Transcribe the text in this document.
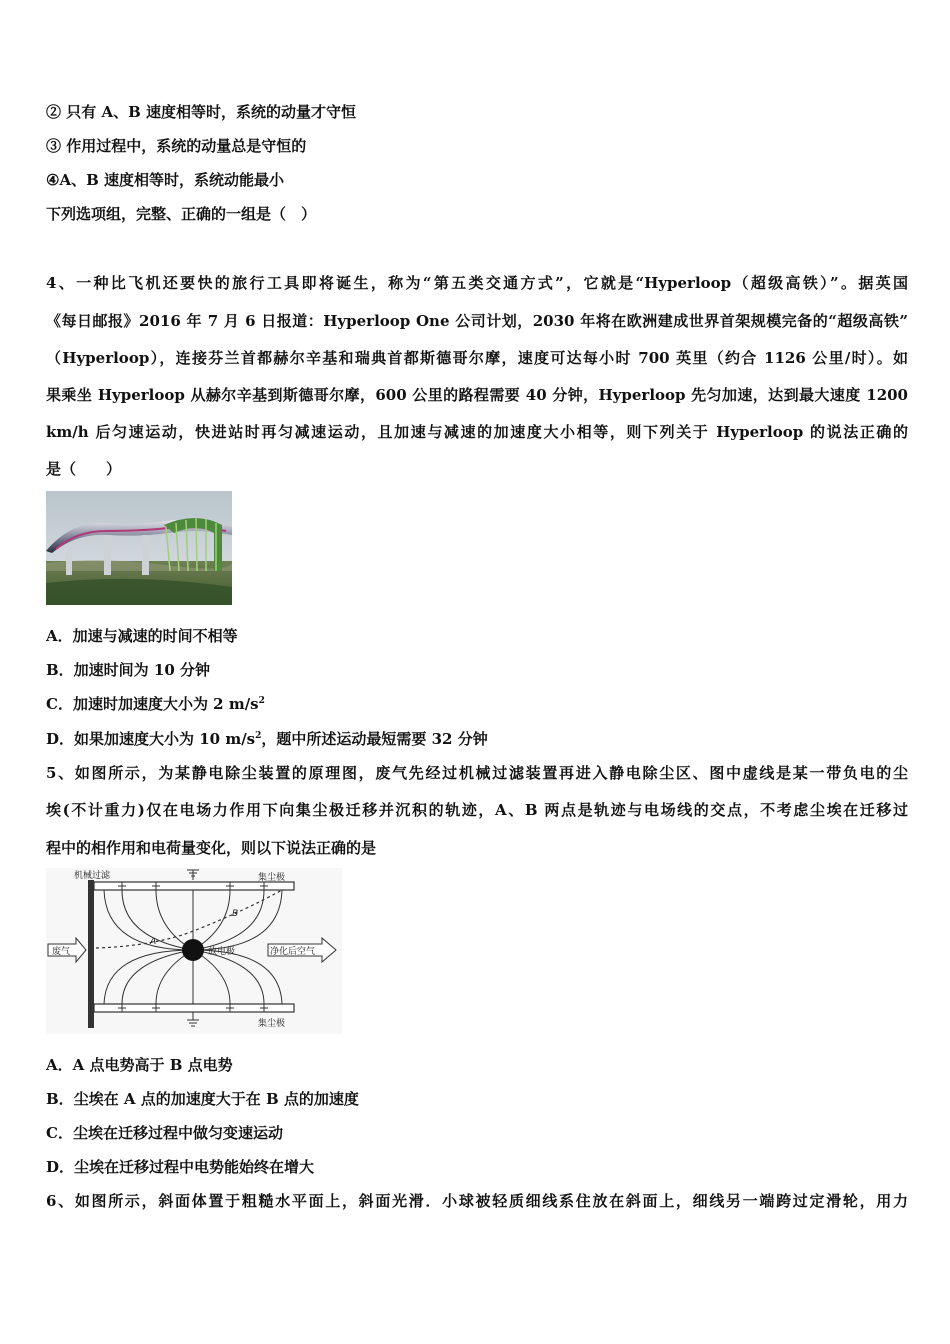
② 只有 A、B 速度相等时，系统的动量才守恒
③ 作用过程中，系统的动量总是守恒的
④A、B 速度相等时，系统动能最小
下列选项组，完整、正确的一组是（　）
4、一种比飞机还要快的旅行工具即将诞生，称为“第五类交通方式”，它就是“Hyperloop（超级高铁）”。据英国
《每日邮报》2016 年 7 月 6 日报道：Hyperloop One 公司计划，2030 年将在欧洲建成世界首架规模完备的“超级高铁”
（Hyperloop），连接芬兰首都赫尔辛基和瑞典首都斯德哥尔摩，速度可达每小时 700 英里（约合 1126 公里/时）。如
果乘坐 Hyperloop 从赫尔辛基到斯德哥尔摩，600 公里的路程需要 40 分钟，Hyperloop 先匀加速，达到最大速度 1200
km/h 后匀速运动，快进站时再匀减速运动，且加速与减速的加速度大小相等，则下列关于 Hyperloop 的说法正确的
是（　　）
A．加速与减速的时间不相等
B．加速时间为 10 分钟
C．加速时加速度大小为 2 $m/s^2$
D．如果加速度大小为 10 $m/s^2$，题中所述运动最短需要 32 分钟
5、如图所示，为某静电除尘装置的原理图，废气先经过机械过滤装置再进入静电除尘区、图中虚线是某一带负电的尘
埃(不计重力)仅在电场力作用下向集尘极迁移并沉积的轨迹，A、B 两点是轨迹与电场线的交点，不考虑尘埃在迁移过
程中的相作用和电荷量变化，则以下说法正确的是
机械过滤	集尘极
集尘极
A
B
放电极
废气	净化后空气
A．A 点电势高于 B 点电势
B．尘埃在 A 点的加速度大于在 B 点的加速度
C．尘埃在迁移过程中做匀变速运动
D．尘埃在迁移过程中电势能始终在增大
6、如图所示，斜面体置于粗糙水平面上，斜面光滑．小球被轻质细线系住放在斜面上，细线另一端跨过定滑轮，用力
